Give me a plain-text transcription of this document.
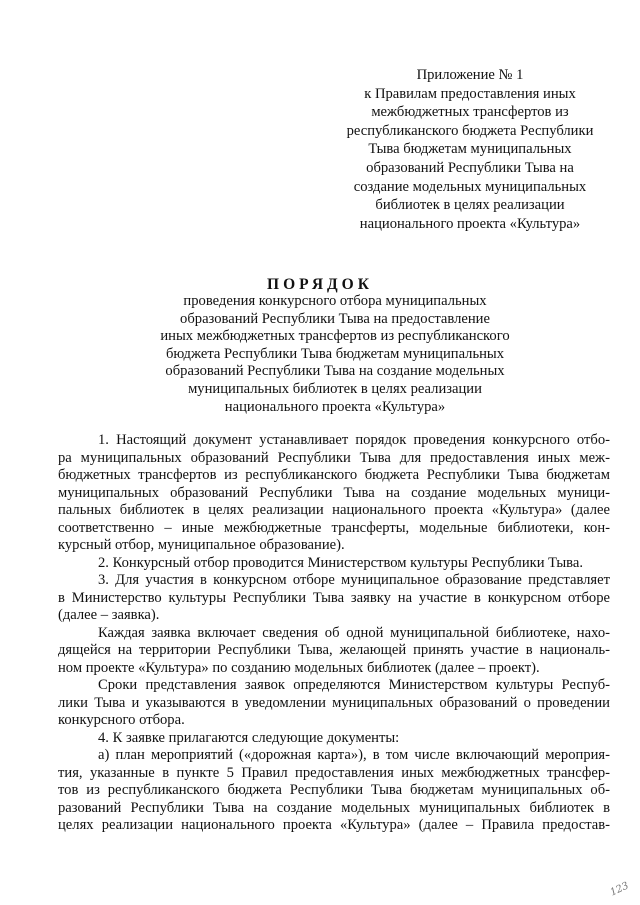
Приложение № 1
к Правилам предоставления иных
межбюджетных трансфертов из
республиканского бюджета Республики
Тыва бюджетам муниципальных
образований Республики Тыва на
создание модельных муниципальных
библиотек в целях реализации
национального проекта «Культура»
ПОРЯДОК
проведения конкурсного отбора муниципальных
образований Республики Тыва на предоставление
иных межбюджетных трансфертов из республиканского
бюджета Республики Тыва бюджетам муниципальных
образований Республики Тыва на создание модельных
муниципальных библиотек в целях реализации
национального проекта «Культура»
1. Настоящий документ устанавливает порядок проведения конкурсного отбо-
ра муниципальных образований Республики Тыва для предоставления иных меж-
бюджетных трансфертов из республиканского бюджета Республики Тыва бюджетам
муниципальных образований Республики Тыва на создание модельных муници-
пальных библиотек в целях реализации национального проекта «Культура» (далее
соответственно – иные межбюджетные трансферты, модельные библиотеки, кон-
курсный отбор, муниципальное образование).
2. Конкурсный отбор проводится Министерством культуры Республики Тыва.
3. Для участия в конкурсном отборе муниципальное образование представляет
в Министерство культуры Республики Тыва заявку на участие в конкурсном отборе
(далее – заявка).
Каждая заявка включает сведения об одной муниципальной библиотеке, нахо-
дящейся на территории Республики Тыва, желающей принять участие в националь-
ном проекте «Культура» по созданию модельных библиотек (далее – проект).
Сроки представления заявок определяются Министерством культуры Респуб-
лики Тыва и указываются в уведомлении муниципальных образований о проведении
конкурсного отбора.
4. К заявке прилагаются следующие документы:
а) план мероприятий («дорожная карта»), в том числе включающий мероприя-
тия, указанные в пункте 5 Правил предоставления иных межбюджетных трансфер-
тов из республиканского бюджета Республики Тыва бюджетам муниципальных об-
разований Республики Тыва на создание модельных муниципальных библиотек в
целях реализации национального проекта «Культура» (далее – Правила предостав-
123
